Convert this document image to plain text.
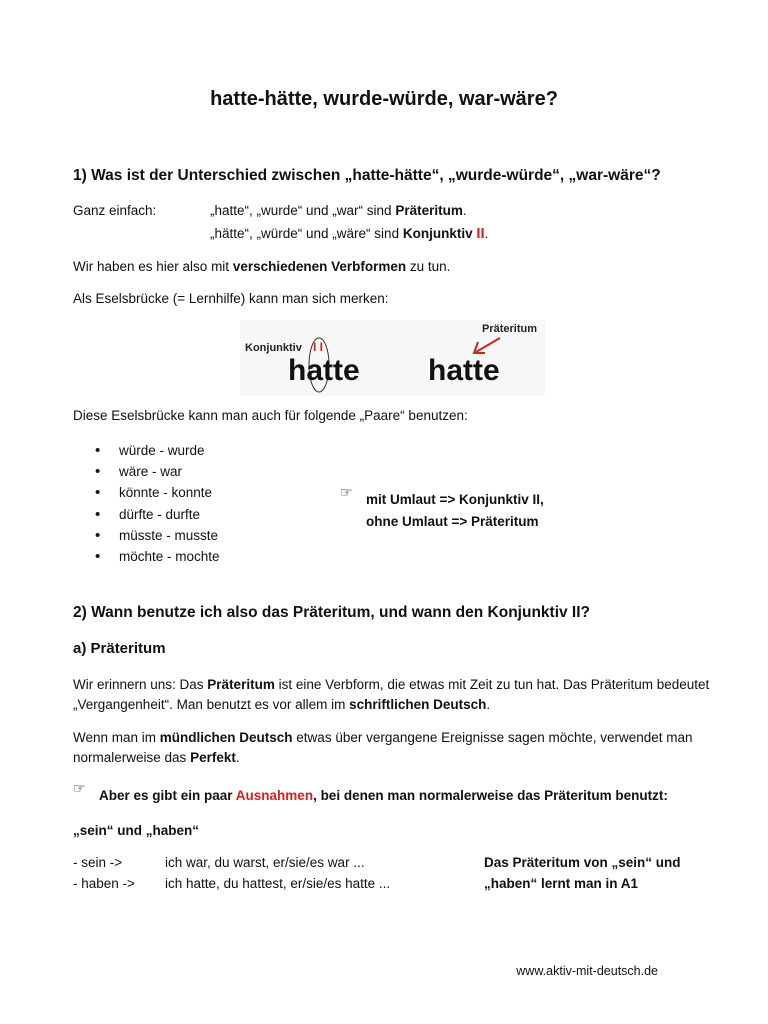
hatte-hätte, wurde-würde, war-wäre?
1) Was ist der Unterschied zwischen „hatte-hätte“, „wurde-würde“, „war-wäre“?
Ganz einfach:	„hatte“, „wurde“ und „war“ sind Präteritum.
„hätte“, „würde“ und „wäre“ sind Konjunktiv II.
Wir haben es hier also mit verschiedenen Verbformen zu tun.
Als Eselsbrücke (= Lernhilfe) kann man sich merken:
Konjunktiv I I
hatte
Präteritum
hatte
Diese Eselsbrücke kann man auch für folgende „Paare“ benutzen:
• würde - wurde
• wäre - war
• könnte - konnte
• dürfte - durfte
• müsste - musste
• möchte - mochte
☞ mit Umlaut => Konjunktiv II,
ohne Umlaut => Präteritum
2) Wann benutze ich also das Präteritum, und wann den Konjunktiv II?
a) Präteritum
Wir erinnern uns: Das Präteritum ist eine Verbform, die etwas mit Zeit zu tun hat. Das Präteritum bedeutet „Vergangenheit“. Man benutzt es vor allem im schriftlichen Deutsch.
Wenn man im mündlichen Deutsch etwas über vergangene Ereignisse sagen möchte, verwendet man normalerweise das Perfekt.
☞ Aber es gibt ein paar Ausnahmen, bei denen man normalerweise das Präteritum benutzt:
„sein“ und „haben“
- sein ->	ich war, du warst, er/sie/es war ...
- haben -> ich hatte, du hattest, er/sie/es hatte ...
Das Präteritum von „sein“ und
„haben“ lernt man in A1
www.aktiv-mit-deutsch.de
